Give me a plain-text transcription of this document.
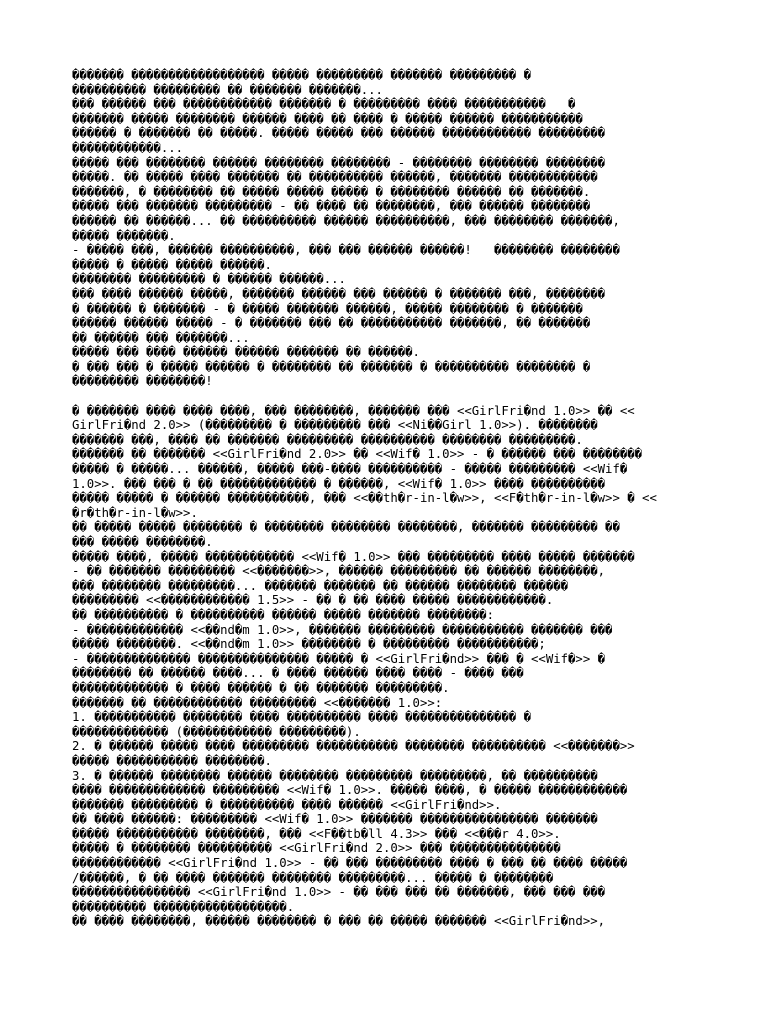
������� ������������������ ����� ��������� ������� ��������� �
���������� ��������� �� ������� �������...
��� ������ ��� ������������ ������� � ��������� ���� �����������   �
������� ����� �������� ������ ���� �� ���� � ����� ������ �����������
������ � ������� �� �����. ����� ����� ��� ������ ������������ ���������
������������...
����� ��� �������� ������ �������� �������� - �������� �������� ��������
�����. �� ����� ���� ������� �� ���������� ������, ������� ������������
�������, � �������� �� ����� ����� ����� � �������� ������ �� �������.
����� ��� ������� ��������� - �� ���� �� ��������, ��� ������ ��������
������ �� ������... �� ���������� ������ ����������, ��� �������� �������,
����� �������.
- ����� ���, ������ ����������, ��� ��� ������ ������!   �������� ��������
����� � ����� ����� ������.
�������� ��������� � ������ ������...
��� ���� ������ �����, ������� ������ ��� ������ � ������� ���, ��������
� ������ � ������� - � ����� ������� ������, ����� �������� � �������
������ ������ ����� - � ������� ��� �� ����������� �������, �� �������
�� ������ ��� �������...
����� ��� ���� ������ ������ ������� �� ������.
� ��� ��� � ����� ������ � �������� �� ������� � ���������� �������� �
��������� ��������!
� ������� ���� ���� ����, ��� ��������, ������� ��� <<GirlFri�nd 1.0>> �� <<
GirlFri�nd 2.0>> (��������� � ��������� ��� <<Ni��Girl 1.0>>). ��������
������� ���, ���� �� ������� ��������� ���������� �������� ���������.
������� �� ������� <<GirlFri�nd 2.0>> �� <<Wif� 1.0>> - � ������ ��� ��������
����� � �����... ������, ����� ���-���� ���������� - ����� ��������� <<Wif�
1.0>>. ��� ��� � �� ������������� � ������, <<Wif� 1.0>> ���� ����������
����� ����� � ������ �����������, ��� <<��th�r-in-l�w>>, <<F�th�r-in-l�w>> � <<
�r�th�r-in-l�w>>.
�� ����� ����� �������� � �������� �������� ��������, ������� ��������� ��
��� ����� ��������.
����� ����, ����� ������������ <<Wif� 1.0>> ��� ��������� ���� ����� �������
- �� ������� ��������� <<�������>>, ������ ��������� �� ������ ��������,
��� �������� ���������... ������� ������� �� ������ �������� ������
��������� <<������������ 1.5>> - �� � �� ���� ����� ������������.
�� ���������� � ���������� ������ ����� ������� ��������:
- ������������� <<��nd�m 1.0>>, ������� ��������� ����������� ������� ���
����� ��������. <<��nd�m 1.0>> �������� � ��������� �����������;
- �������������� ��������������� ����� � <<GirlFri�nd>> ��� � <<Wif�>> �
�������� �� ������ ����... � ���� ������ ���� ���� - ���� ���
������������� � ���� ������ � �� ������� ���������.
������� �� ������������ ��������� <<������� 1.0>>:
1. ����������� �������� ���� ���������� ���� ��������������� �
������������� (������������ ���������).
2. � ������ ����� ���� ��������� ����������� �������� ���������� <<�������>>
����� ����������� ��������.
3. � ������ �������� ������ �������� ��������� ���������, �� ����������
���� ������������� ��������� <<Wif� 1.0>>. ����� ����, � ����� ������������
������� ��������� � ���������� ���� ������ <<GirlFri�nd>>.
�� ���� ������: ��������� <<Wif� 1.0>> ������� ���������������� �������
����� ����������� ��������, ��� <<F��tb�ll 4.3>> ��� <<���r 4.0>>.
����� � �������� ���������� <<GirlFri�nd 2.0>> ��� ���������������
������������ <<GirlFri�nd 1.0>> - �� ��� ��������� ���� � ��� �� ���� �����
/������, � �� ���� ������� �������� ���������... ����� � ��������
���������������� <<GirlFri�nd 1.0>> - �� ��� ��� �� �������, ��� ��� ���
���������� ������������������.
�� ���� ��������, ������ �������� � ��� �� ����� ������� <<GirlFri�nd>>,
